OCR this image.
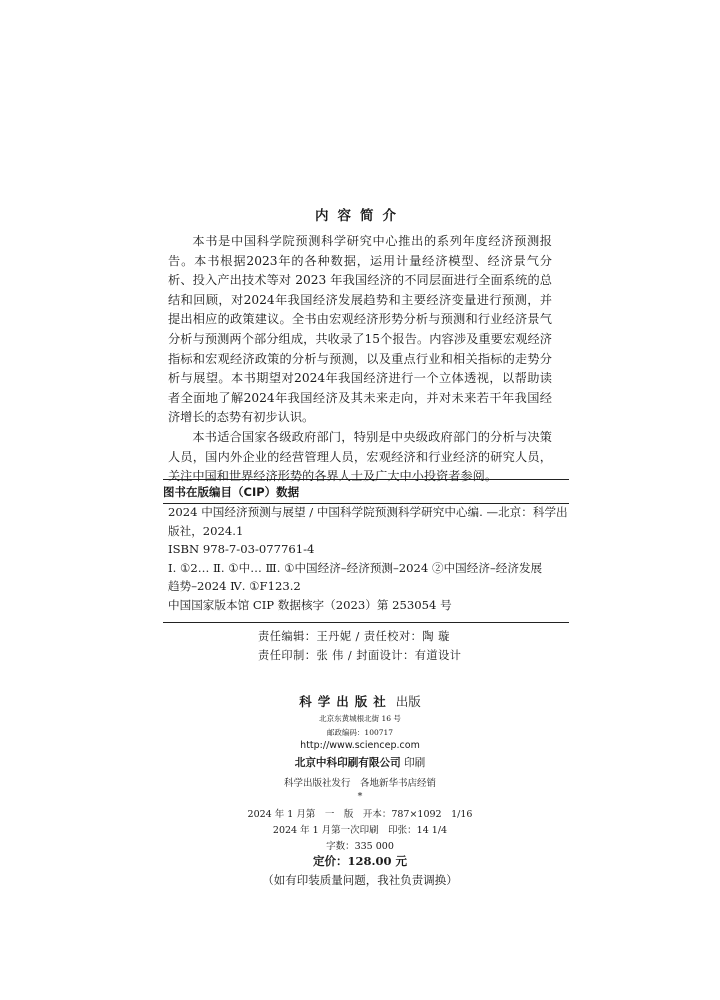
内容简介

本书是中国科学院预测科学研究中心推出的系列年度经济预测报告。本书根据2023年的各种数据，运用计量经济模型、经济景气分析、投入产出技术等对 2023 年我国经济的不同层面进行全面系统的总结和回顾，对2024年我国经济发展趋势和主要经济变量进行预测，并提出相应的政策建议。全书由宏观经济形势分析与预测和行业经济景气分析与预测两个部分组成，共收录了15个报告。内容涉及重要宏观经济指标和宏观经济政策的分析与预测，以及重点行业和相关指标的走势分析与展望。本书期望对2024年我国经济进行一个立体透视，以帮助读者全面地了解2024年我国经济及其未来走向，并对未来若干年我国经济增长的态势有初步认识。

本书适合国家各级政府部门，特别是中央级政府部门的分析与决策人员，国内外企业的经营管理人员，宏观经济和行业经济的研究人员，关注中国和世界经济形势的各界人士及广大中小投资者参阅。

图书在版编目（CIP）数据
2024 中国经济预测与展望 / 中国科学院预测科学研究中心编. —北京：科学出
版社，2024.1
ISBN 978-7-03-077761-4
Ⅰ. ①2… Ⅱ. ①中… Ⅲ. ①中国经济–经济预测–2024 ②中国经济–经济发展
趋势–2024 Ⅳ. ①F123.2
中国国家版本馆 CIP 数据核字（2023）第 253054 号
责任编辑：王丹妮 / 责任校对：陶 璇
责任印制：张 伟 / 封面设计：有道设计
科学出版社 出版
北京东黄城根北街 16 号
邮政编码：100717
http://www.sciencep.com
北京中科印刷有限公司 印刷
科学出版社发行　各地新华书店经销
*
2024 年 1 月第　一　版　开本：787×1092　1/16
2024 年 1 月第一次印刷　印张：14 1/4
字数：335 000
定价：128.00 元
（如有印装质量问题，我社负责调换）
